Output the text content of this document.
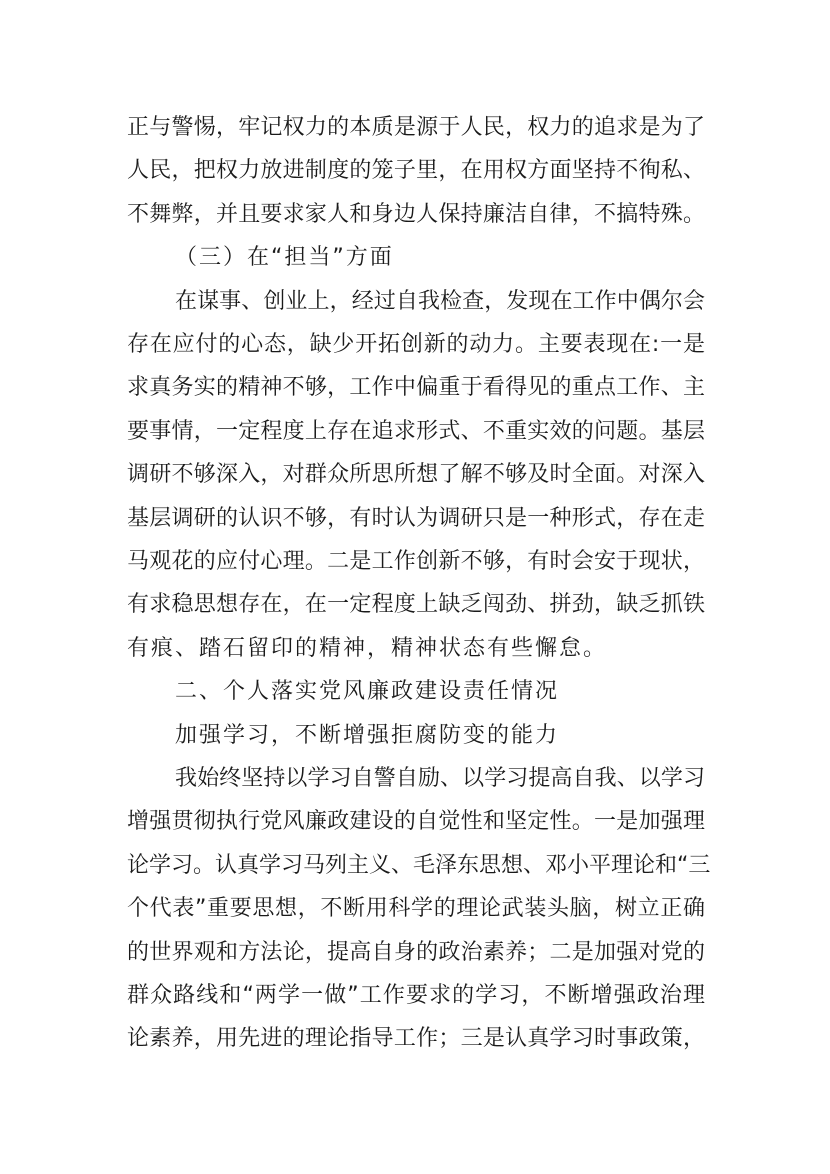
正与警惕，牢记权力的本质是源于人民，权力的追求是为了
人民，把权力放进制度的笼子里，在用权方面坚持不徇私、
不舞弊，并且要求家人和身边人保持廉洁自律，不搞特殊。
（三）在“担当”方面
在谋事、创业上，经过自我检查，发现在工作中偶尔会
存在应付的心态，缺少开拓创新的动力。主要表现在:一是
求真务实的精神不够，工作中偏重于看得见的重点工作、主
要事情，一定程度上存在追求形式、不重实效的问题。基层
调研不够深入，对群众所思所想了解不够及时全面。对深入
基层调研的认识不够，有时认为调研只是一种形式，存在走
马观花的应付心理。二是工作创新不够，有时会安于现状，
有求稳思想存在，在一定程度上缺乏闯劲、拼劲，缺乏抓铁
有痕、踏石留印的精神，精神状态有些懈怠。
二、个人落实党风廉政建设责任情况
加强学习，不断增强拒腐防变的能力
我始终坚持以学习自警自励、以学习提高自我、以学习
增强贯彻执行党风廉政建设的自觉性和坚定性。一是加强理
论学习。认真学习马列主义、毛泽东思想、邓小平理论和“三
个代表”重要思想，不断用科学的理论武装头脑，树立正确
的世界观和方法论，提高自身的政治素养；二是加强对党的
群众路线和“两学一做”工作要求的学习，不断增强政治理
论素养，用先进的理论指导工作；三是认真学习时事政策，
